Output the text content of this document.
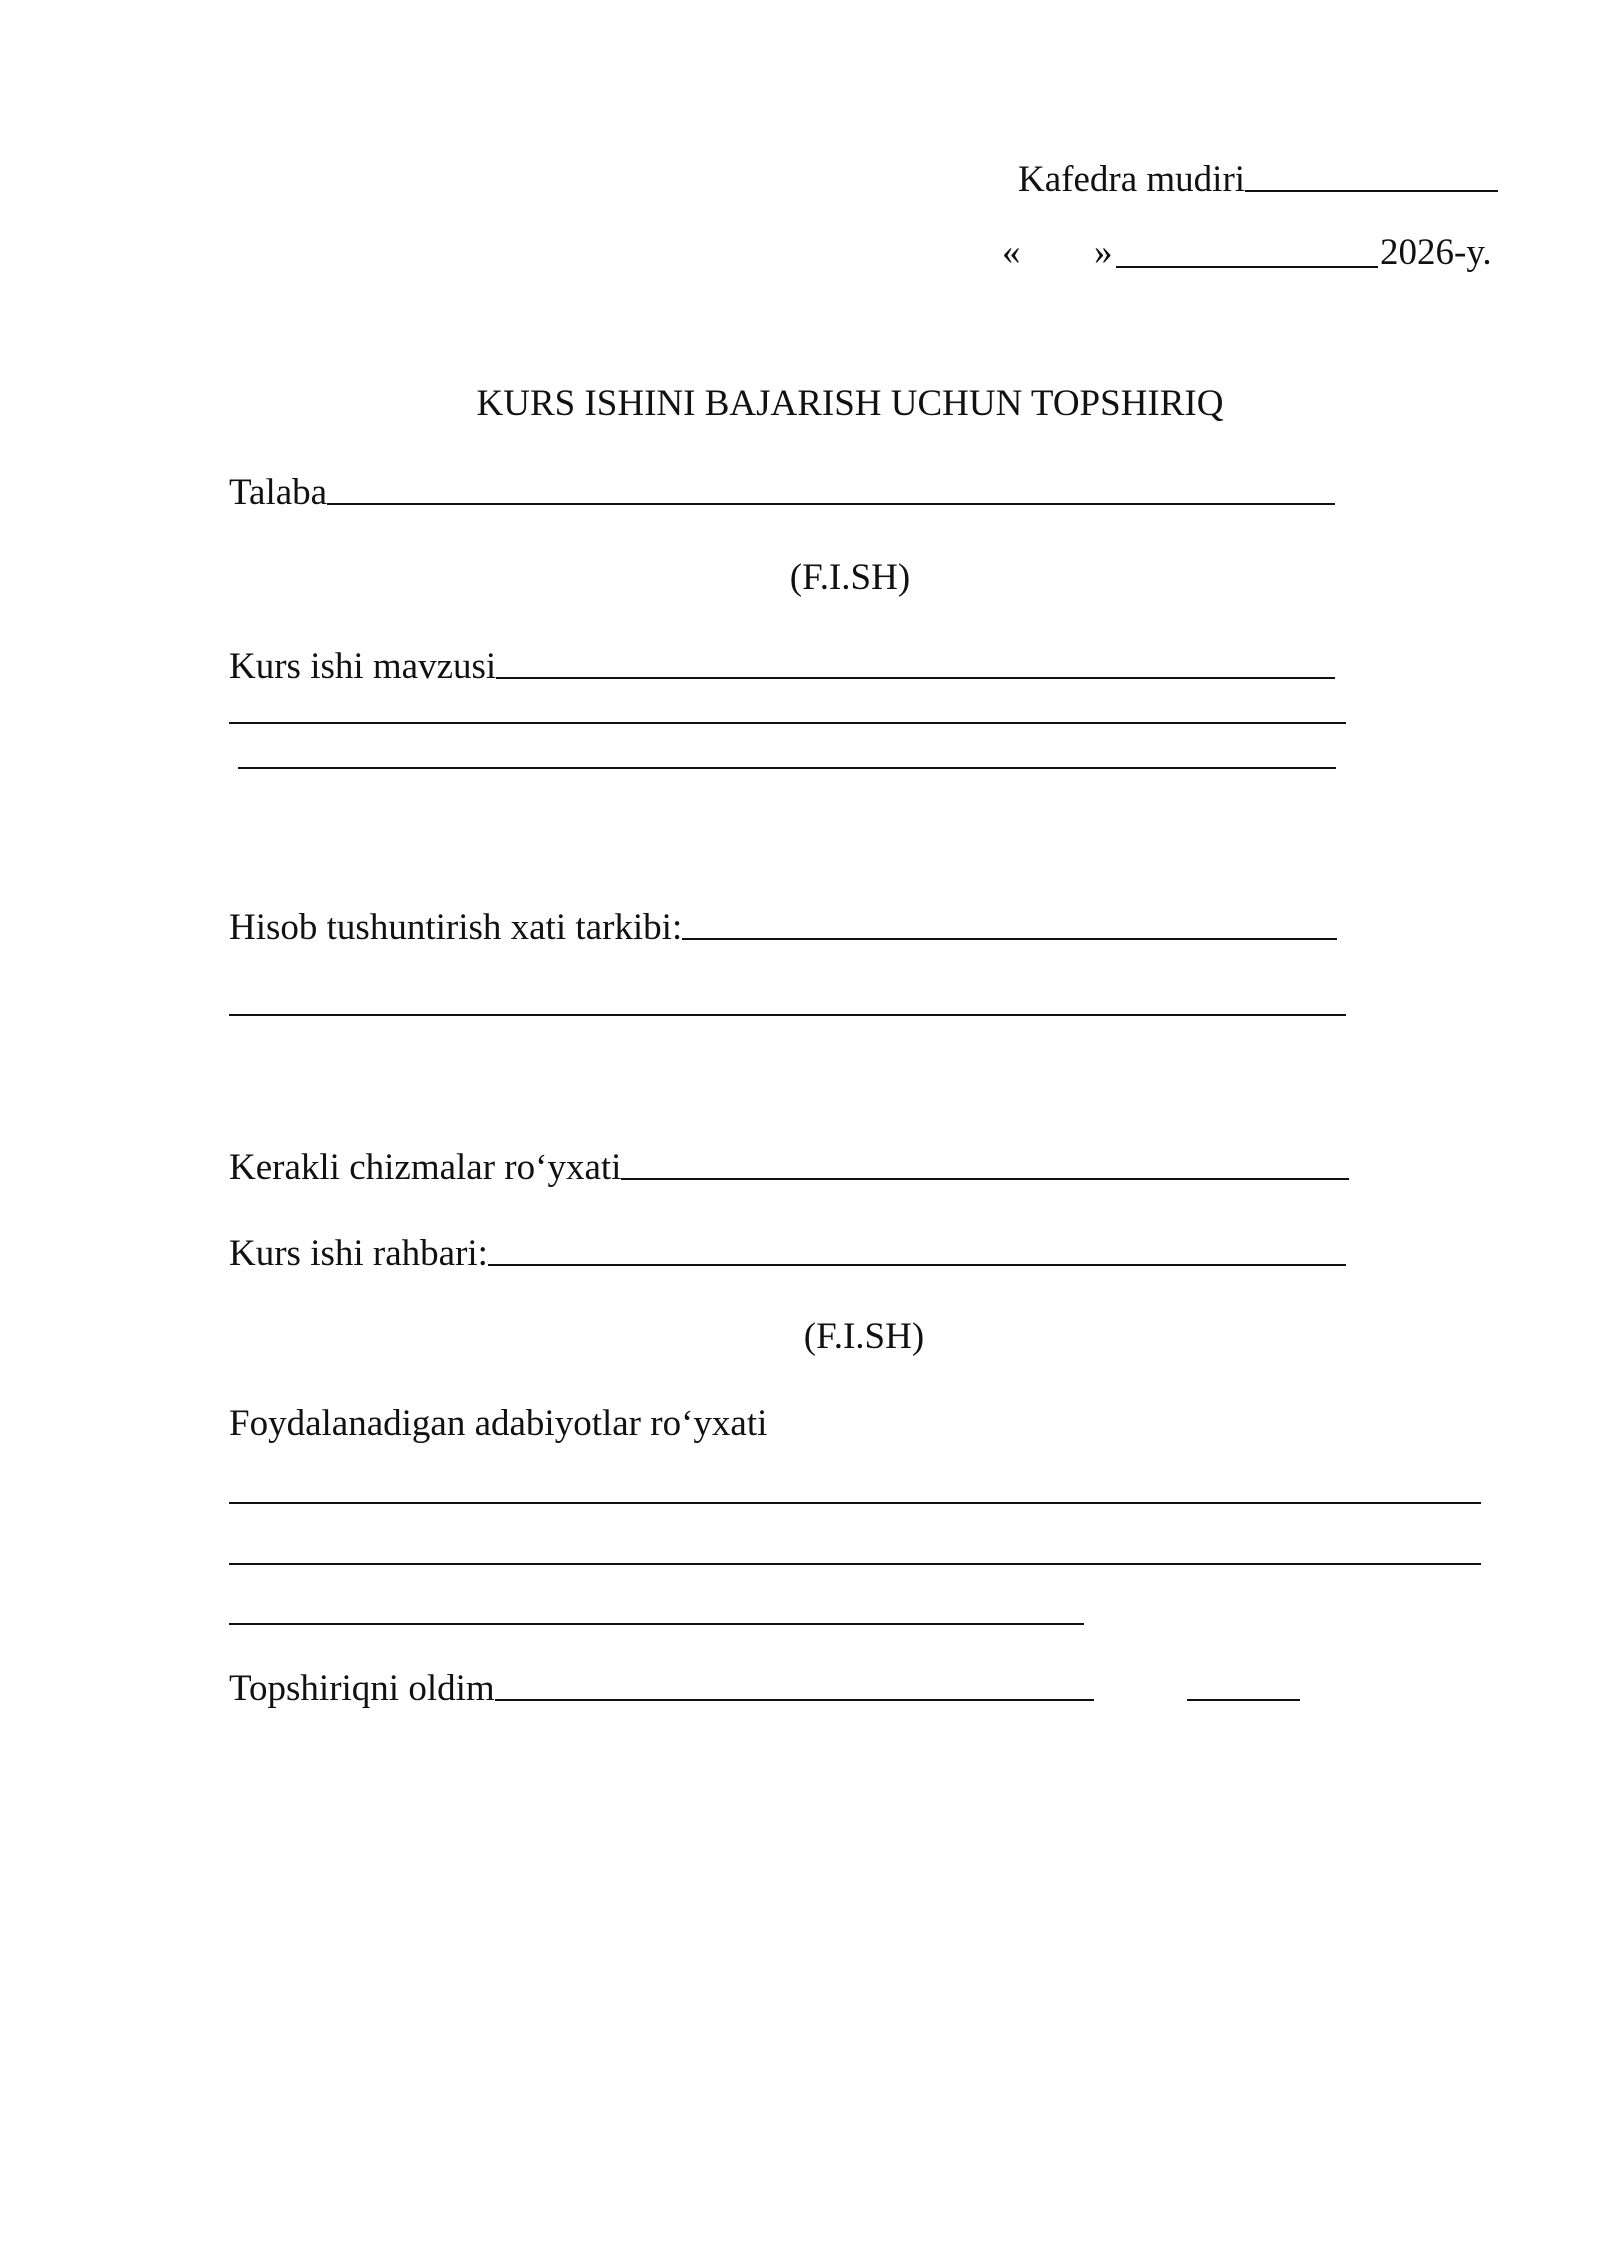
Kafedra mudiri
« »	2026-y.
KURS ISHINI BAJARISH UCHUN TOPSHIRIQ
Talaba
(F.I.SH)
Kurs ishi mavzusi
Hisob tushuntirish xati tarkibi:
Kerakli chizmalar ro‘yxati
Kurs ishi rahbari:
(F.I.SH)
Foydalanadigan adabiyotlar ro‘yxati
Topshiriqni oldim
